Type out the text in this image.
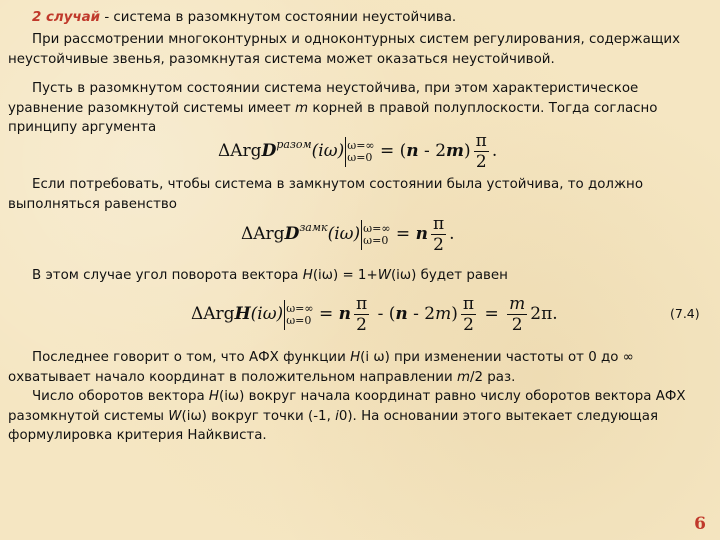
2 случай - система в разомкнутом состоянии неустойчива.

При рассмотрении многоконтурных и одноконтурных систем регулирования, содержащих неустойчивые звенья, разомкнутая система может оказаться неустойчивой.

Пусть в разомкнутом состоянии система неустойчива, при этом характеристическое уравнение разомкнутой системы имеет m корней в правой полуплоскости. Тогда согласно принципу аргумента

ΔArgD$^{разом}$(iω) ω=∞
$\omega=0 = (n - 2m) \frac{\pi}{2}$ .

Если потребовать, чтобы система в замкнутом состоянии была устойчива, то должно выполняться равенство

ΔArgD$^{замк}$(iω) ω=∞
ω=0 = n $\frac{\pi}{2}$ .

В этом случае угол поворота вектора H(iω) = 1+W(iω) будет равен

ΔArgH(iω) ω=∞
ω=0 = n $\frac{\pi}{2} - (n - 2m) \frac{\pi}{2} = \frac{m}{2} 2\pi$.	(7.4)

Последнее говорит о том, что АФХ функции H(i ω) при изменении частоты от 0 до ∞ охватывает начало координат в положительном направлении m/2 раз.

Число оборотов вектора H(iω) вокруг начала координат равно числу оборотов вектора АФХ разомкнутой системы W(iω) вокруг точки (-1, i0). На основании этого вытекает следующая формулировка критерия Найквиста.

6
